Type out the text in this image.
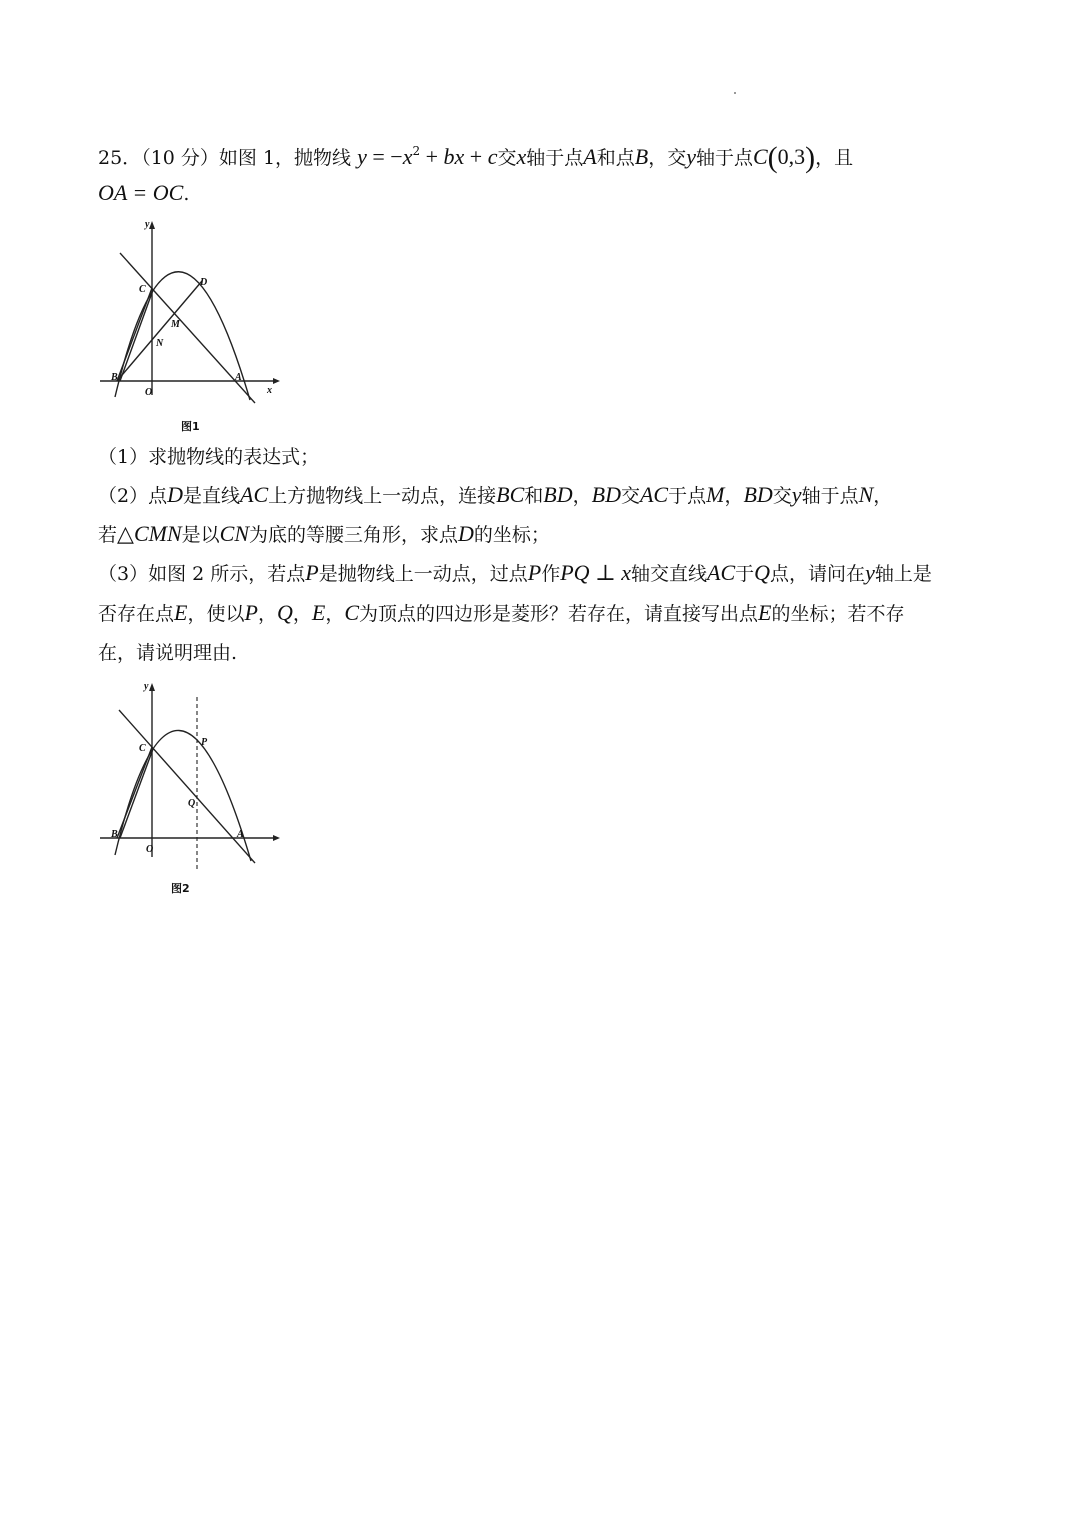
25．（10 分）如图 1，抛物线 $y = -x^2$ + bx + c交x轴于点A和点B，交y轴于点C(0,3)，且
OA = OC.
y
x
O
A
B
C
D
M
N
图1
（1）求抛物线的表达式；
（2）点D是直线AC上方抛物线上一动点，连接BC和BD，BD交AC于点M，BD交y轴于点N，
若△CMN是以CN为底的等腰三角形，求点D的坐标；
（3）如图 2 所示，若点P是抛物线上一动点，过点P作PQ ⊥ x轴交直线AC于Q点，请问在y轴上是
否存在点E，使以P，Q，E，C为顶点的四边形是菱形？若存在，请直接写出点E的坐标；若不存
在，请说明理由.
y
O
A
B
C
P
Q
图2
